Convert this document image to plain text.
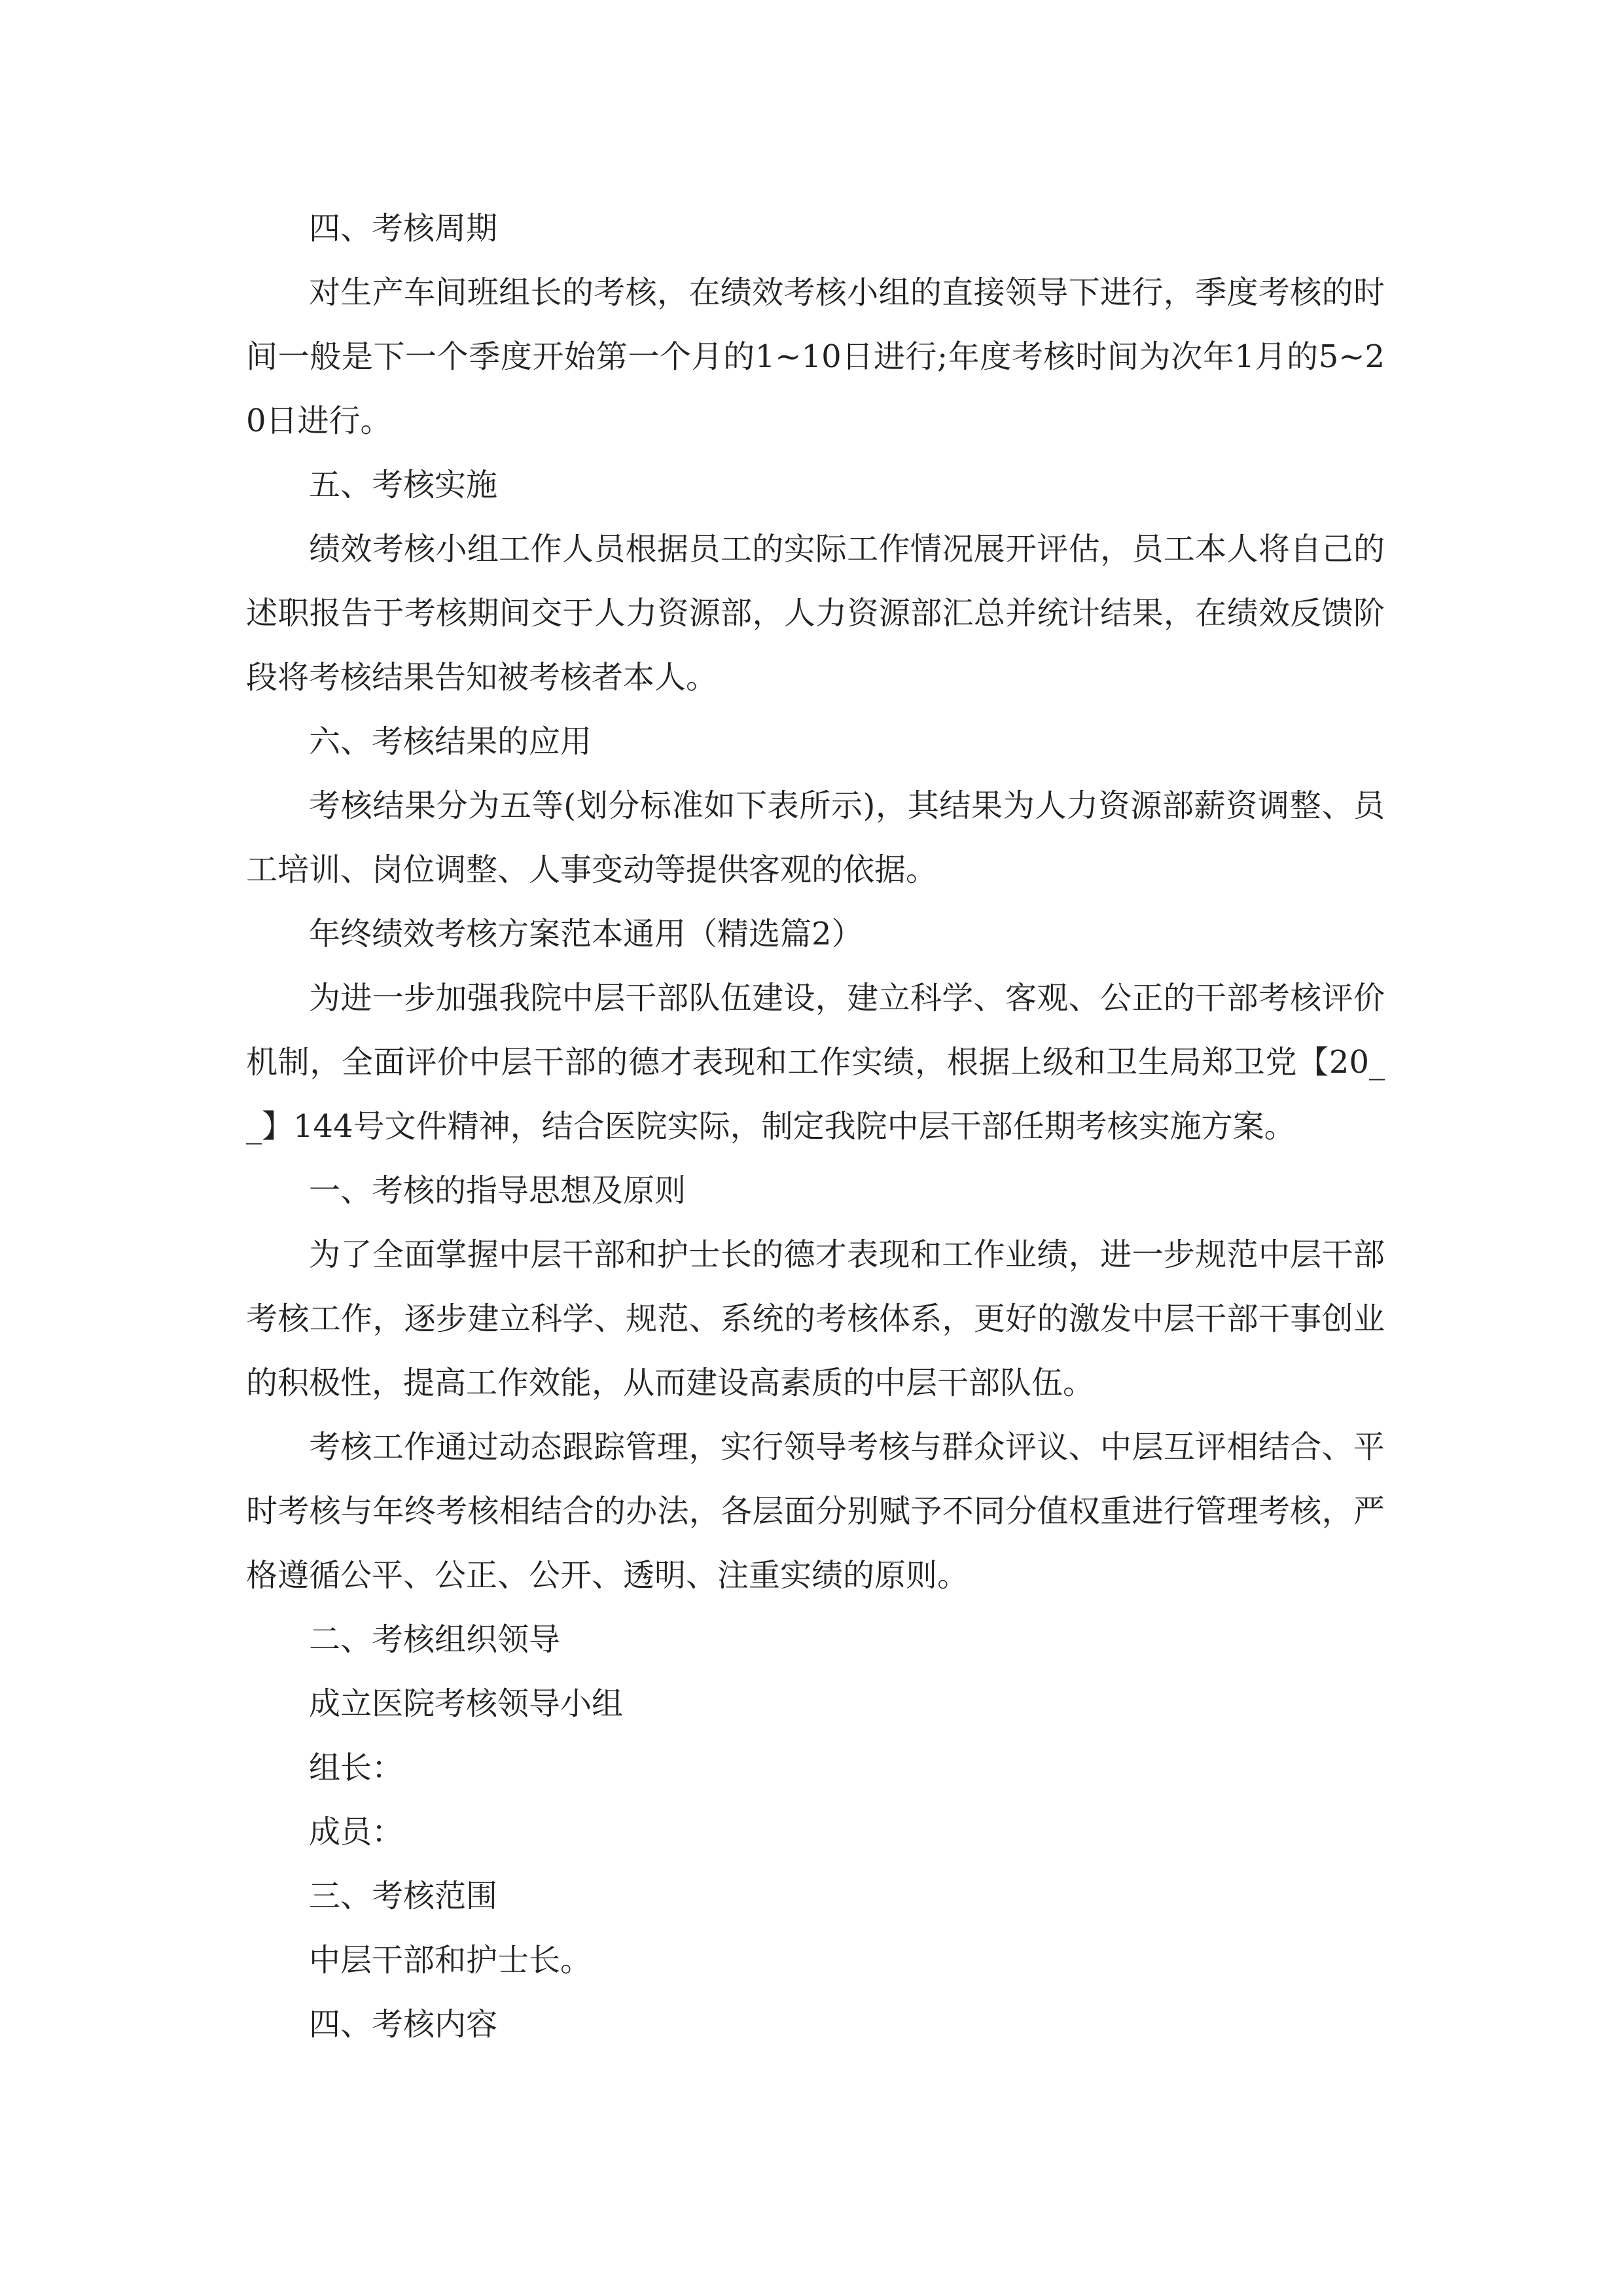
四、考核周期

对生产车间班组长的考核，在绩效考核小组的直接领导下进行，季度考核的时间一般是下一个季度开始第一个月的1~10日进行;年度考核时间为次年1月的5~20日进行。

五、考核实施

绩效考核小组工作人员根据员工的实际工作情况展开评估，员工本人将自己的述职报告于考核期间交于人力资源部，人力资源部汇总并统计结果，在绩效反馈阶段将考核结果告知被考核者本人。

六、考核结果的应用

考核结果分为五等(划分标准如下表所示)，其结果为人力资源部薪资调整、员工培训、岗位调整、人事变动等提供客观的依据。

年终绩效考核方案范本通用（精选篇2）

为进一步加强我院中层干部队伍建设，建立科学、客观、公正的干部考核评价机制，全面评价中层干部的德才表现和工作实绩，根据上级和卫生局郑卫党【20__】144号文件精神，结合医院实际，制定我院中层干部任期考核实施方案。

一、考核的指导思想及原则

为了全面掌握中层干部和护士长的德才表现和工作业绩，进一步规范中层干部考核工作，逐步建立科学、规范、系统的考核体系，更好的激发中层干部干事创业的积极性，提高工作效能，从而建设高素质的中层干部队伍。

考核工作通过动态跟踪管理，实行领导考核与群众评议、中层互评相结合、平时考核与年终考核相结合的办法，各层面分别赋予不同分值权重进行管理考核，严格遵循公平、公正、公开、透明、注重实绩的原则。

二、考核组织领导

成立医院考核领导小组

组长：

成员：

三、考核范围

中层干部和护士长。

四、考核内容
